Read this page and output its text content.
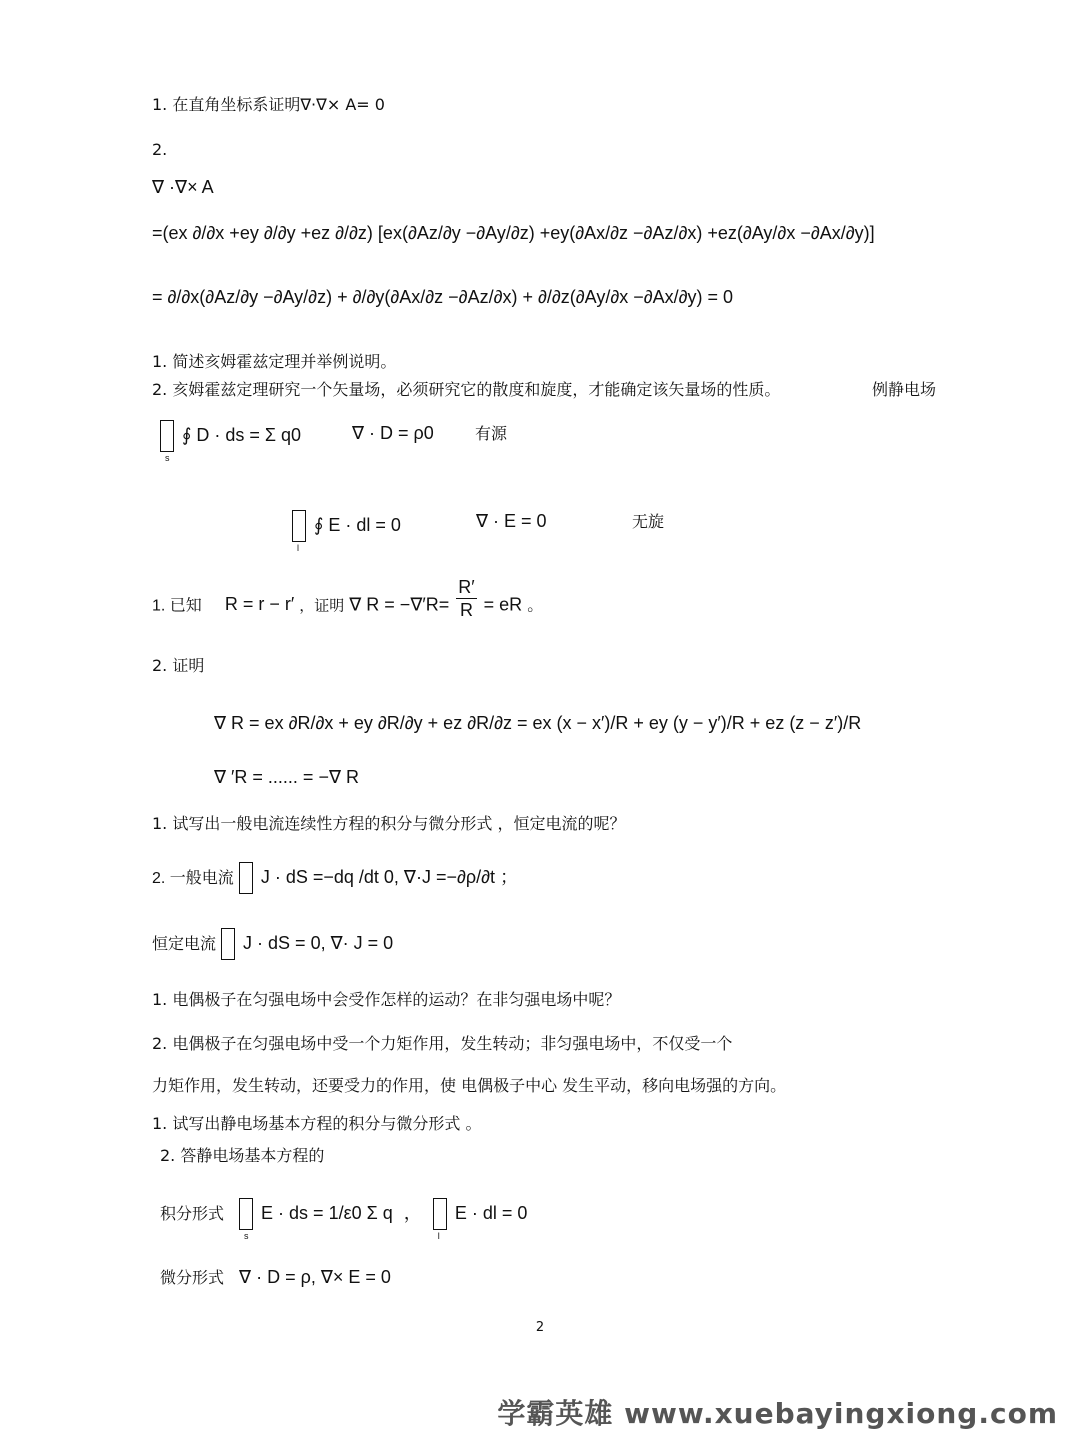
1. 在直角坐标系证明∇·∇× A= 0
2.
∇ ·∇× A
=(ex ∂/∂x +ey ∂/∂y +ez ∂/∂z) [ex(∂Az/∂y −∂Ay/∂z) +ey(∂Ax/∂z −∂Az/∂x) +ez(∂Ay/∂x −∂Ax/∂y)]
= ∂/∂x(∂Az/∂y −∂Ay/∂z) + ∂/∂y(∂Ax/∂z −∂Az/∂x) + ∂/∂z(∂Ay/∂x −∂Ax/∂y) = 0
1. 简述亥姆霍兹定理并举例说明。
2. 亥姆霍兹定理研究一个矢量场，必须研究它的散度和旋度，才能确定该矢量场的性质。	例静电场
s
∮ D · ds = Σ q0	∇ · D = ρ0	有源
l
∮ E · dl = 0	∇ · E = 0	无旋
1. 已知 R = r − r′ ，证明 ∇ $R = -\nabla'R= \frac{R'}{R}$ = eR 。
2. 证明
∇ R = ex ∂R/∂x + ey ∂R/∂y + ez ∂R/∂z = ex (x − x′)/R + ey (y − y′)/R + ez (z − z′)/R
∇ ′R = ...... = −∇ R
1. 试写出一般电流连续性方程的积分与微分形式 ，恒定电流的呢？
2. 一般电流 J · dS =−dq /dt 0, ∇·J =−∂ρ/∂t ；
恒定电流 J · dS = 0, ∇· J = 0
1. 电偶极子在匀强电场中会受作怎样的运动？在非匀强电场中呢？
2. 电偶极子在匀强电场中受一个力矩作用，发生转动；非匀强电场中，不仅受一个
力矩作用，发生转动，还要受力的作用，使 电偶极子中心 发生平动，移向电场强的方向。
1. 试写出静电场基本方程的积分与微分形式 。
2. 答静电场基本方程的
积分形式
s
E · ds = 1/ε0 Σ q ，
l
E · dl = 0
微分形式 ∇ · D = ρ, ∇× E = 0
2
学霸英雄 www.xuebayingxiong.com
